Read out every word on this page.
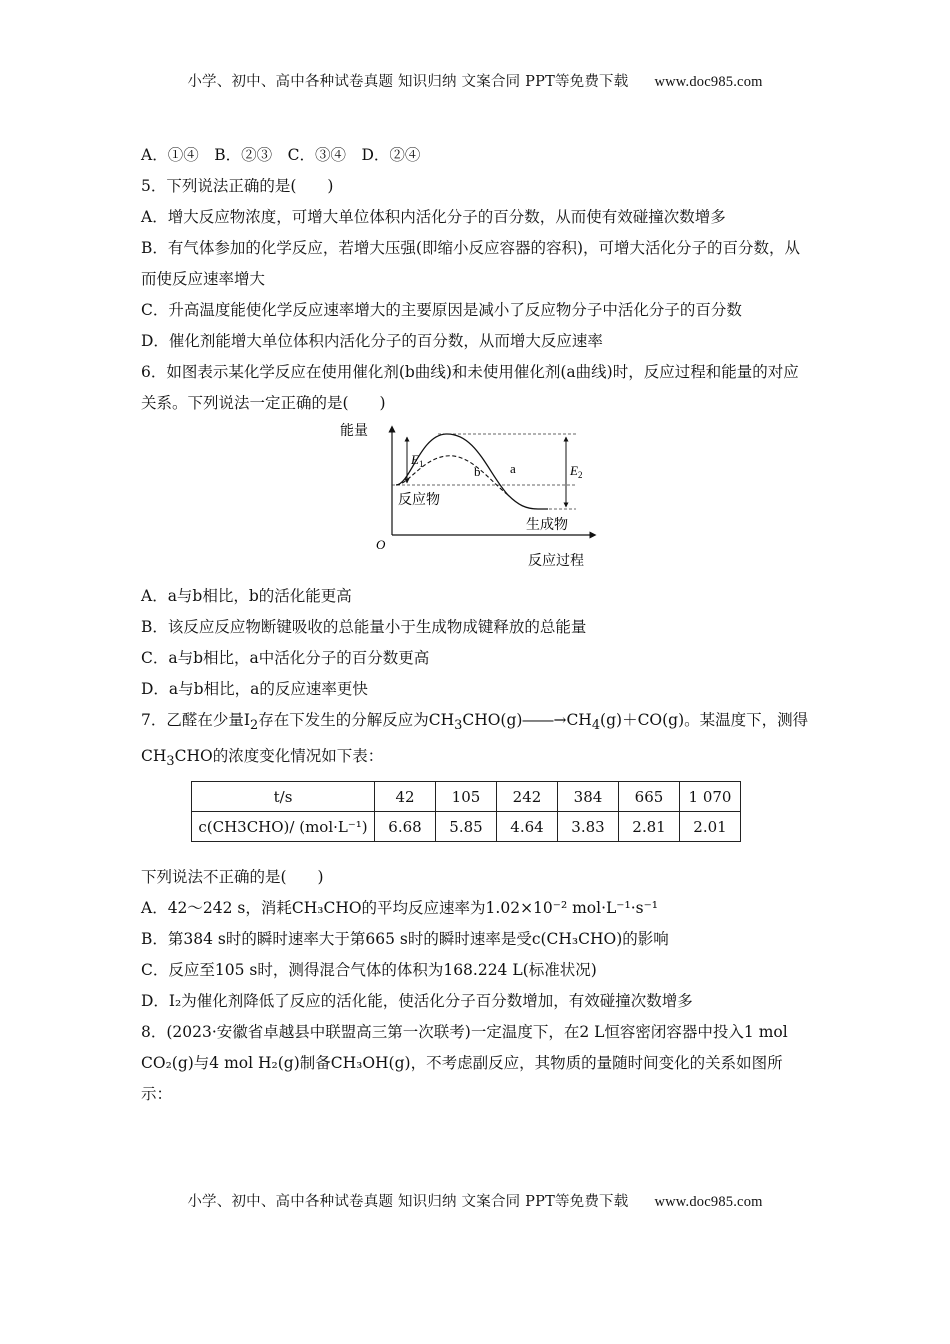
小学、初中、高中各种试卷真题 知识归纳 文案合同 PPT等免费下载 www.doc985.com

A．①④　B．②③　C．③④　D．②④

5．下列说法正确的是(　　)

A．增大反应物浓度，可增大单位体积内活化分子的百分数，从而使有效碰撞次数增多

B．有气体参加的化学反应，若增大压强(即缩小反应容器的容积)，可增大活化分子的百分数，从而使反应速率增大

C．升高温度能使化学反应速率增大的主要原因是减小了反应物分子中活化分子的百分数

D．催化剂能增大单位体积内活化分子的百分数，从而增大反应速率

6．如图表示某化学反应在使用催化剂(b曲线)和未使用催化剂(a曲线)时，反应过程和能量的对应关系。下列说法一定正确的是(　　)

能量
O
反应过程
反应物
生成物
a
b
$E_1$	$E_2$

A．a与b相比，b的活化能更高

B．该反应反应物断键吸收的总能量小于生成物成键释放的总能量

C．a与b相比，a中活化分子的百分数更高

D．a与b相比，a的反应速率更快

7．乙醛在少量$I_2$存在下发生的分解反应为$CH_3CHO(g)――\to CH_4(g)+CO(g)$。某温度下，测得

$CH_3CHO$的浓度变化情况如下表：

t/s	42	105	242	384	665	1 070
c(CH3CHO)/ (mol·L⁻¹)	6.68	5.85	4.64	3.83	2.81	2.01

下列说法不正确的是(　　)

A．42～242 s，消耗CH₃CHO的平均反应速率为1.02×10⁻² mol·L⁻¹·s⁻¹

B．第384 s时的瞬时速率大于第665 s时的瞬时速率是受c(CH₃CHO)的影响

C．反应至105 s时，测得混合气体的体积为168.224 L(标准状况)

D．I₂为催化剂降低了反应的活化能，使活化分子百分数增加，有效碰撞次数增多

8．(2023·安徽省卓越县中联盟高三第一次联考)一定温度下，在2 L恒容密闭容器中投入1 mol CO₂(g)与4 mol H₂(g)制备CH₃OH(g)，不考虑副反应，其物质的量随时间变化的关系如图所示：

小学、初中、高中各种试卷真题 知识归纳 文案合同 PPT等免费下载 www.doc985.com
